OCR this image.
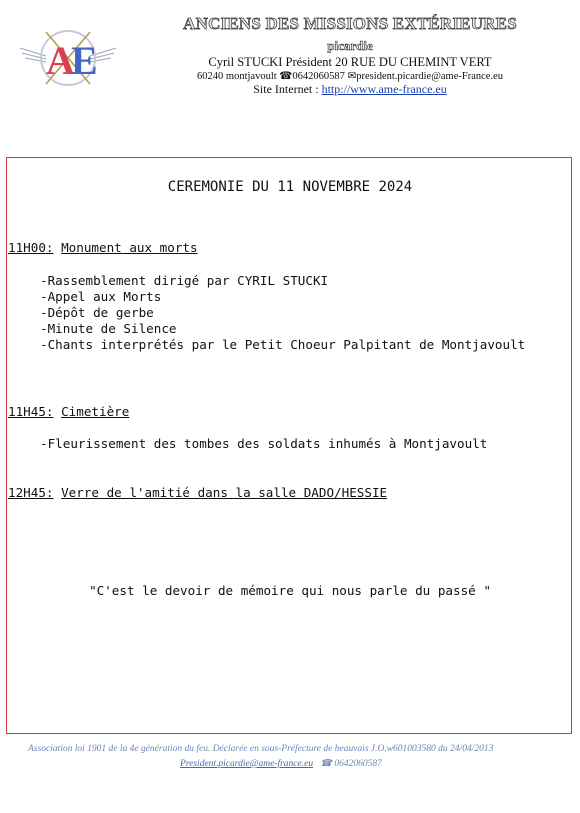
A
E
ANCIENS DES MISSIONS EXTÉRIEURES
picardie
Cyril STUCKI Président 20 RUE DU CHEMINT VERT
60240 montjavoult ☎0642060587 ✉president.picardie@ame-France.eu
Site Internet : http://www.ame-france.eu
CEREMONIE DU 11 NOVEMBRE 2024
11H00: Monument aux morts
-Rassemblement dirigé par CYRIL STUCKI
-Appel aux Morts
-Dépôt de gerbe
-Minute de Silence
-Chants interprétés par le Petit Choeur Palpitant de Montjavoult
11H45: Cimetière
-Fleurissement des tombes des soldats inhumés à Montjavoult
12H45: Verre de l'amitié dans la salle DADO/HESSIE
"C'est le devoir de mémoire qui nous parle du passé "
Association loi 1901 de la 4e génération du feu. Déclarée en sous-Préfecture de beauvais J.O.w601003580 du 24/04/2013
President.picardie@ame-france.eu ☎ 0642060587
